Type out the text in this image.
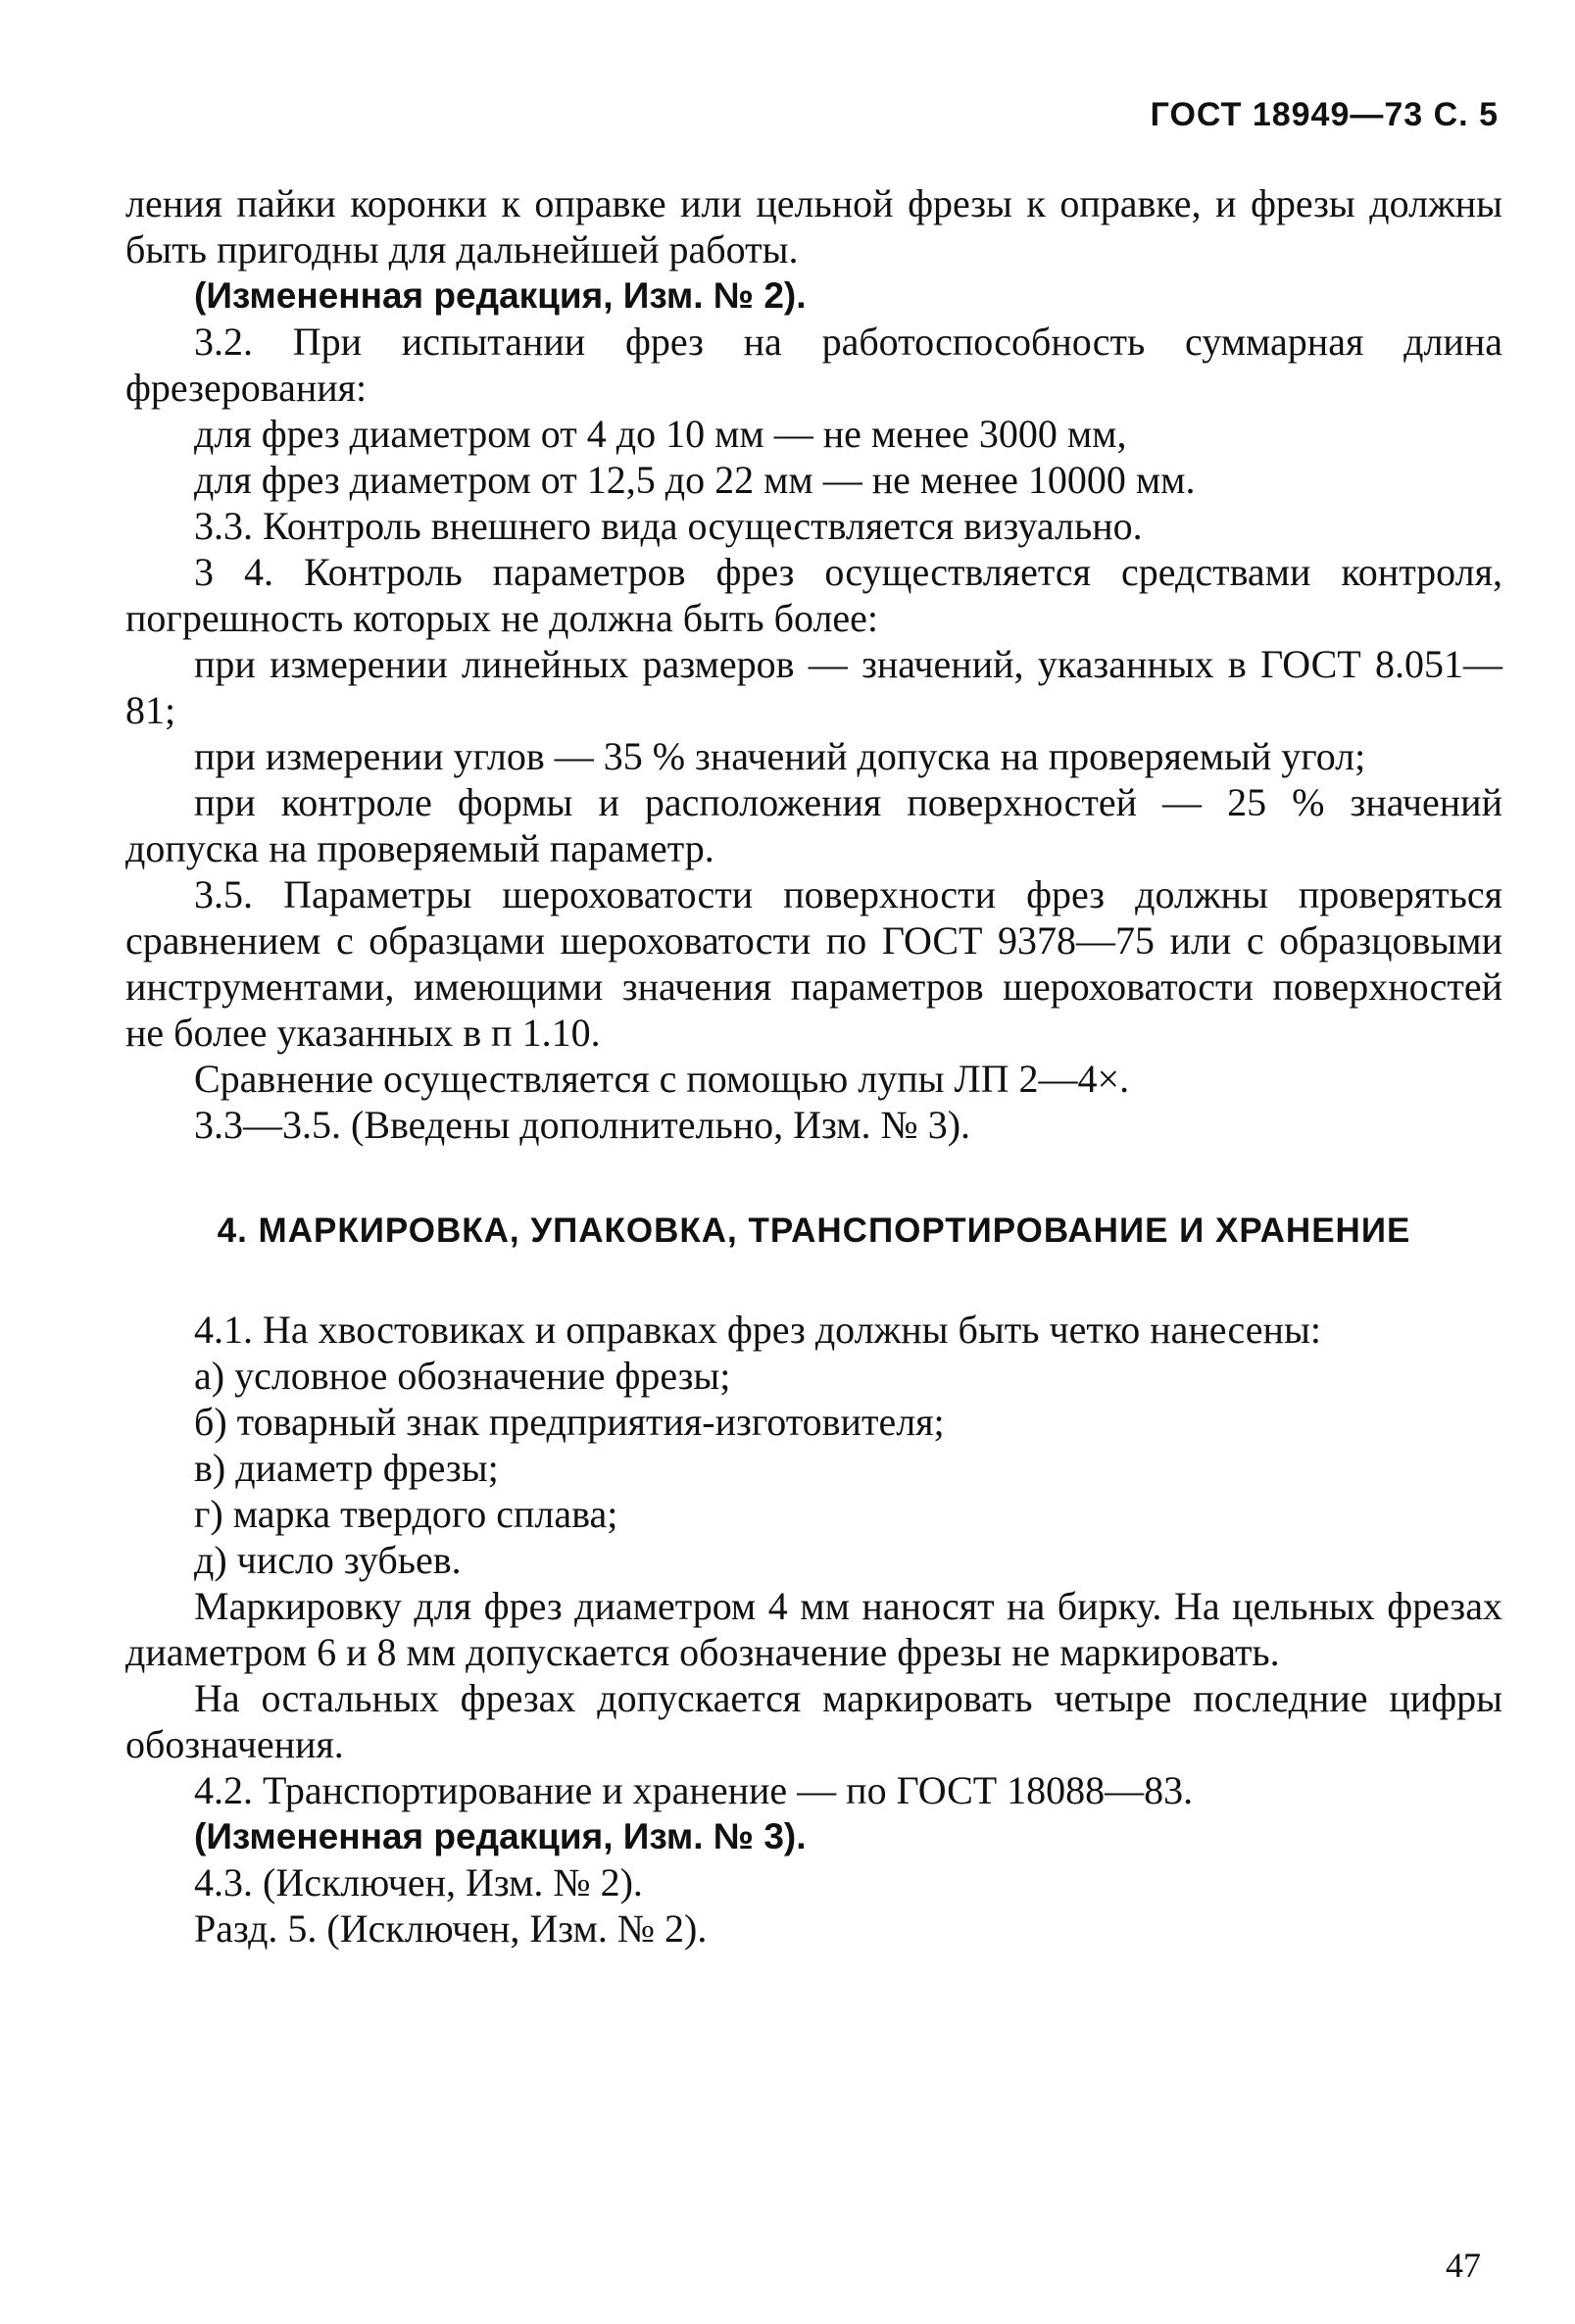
ГОСТ 18949—73 С. 5

ления пайки коронки к оправке или цельной фрезы к оправке, и фрезы должны быть пригодны для дальнейшей работы.

(Измененная редакция, Изм. № 2).

3.2. При испытании фрез на работоспособность суммарная длина фрезерования:

для фрез диаметром от 4 до 10 мм — не менее 3000 мм,

для фрез диаметром от 12,5 до 22 мм — не менее 10000 мм.

3.3. Контроль внешнего вида осуществляется визуально.

3 4. Контроль параметров фрез осуществляется средствами контроля, погрешность которых не должна быть более:

при измерении линейных размеров — значений, указанных в ГОСТ 8.051—81;

при измерении углов — 35 % значений допуска на проверяемый угол;

при контроле формы и расположения поверхностей — 25 % значений допуска на проверяемый параметр.

3.5. Параметры шероховатости поверхности фрез должны проверяться сравнением с образцами шероховатости по ГОСТ 9378—75 или с образцовыми инструментами, имеющими значения параметров шероховатости поверхностей не более указанных в п 1.10.

Сравнение осуществляется с помощью лупы ЛП 2—4×.

3.3—3.5. (Введены дополнительно, Изм. № 3).

4. МАРКИРОВКА, УПАКОВКА, ТРАНСПОРТИРОВАНИЕ И ХРАНЕНИЕ

4.1. На хвостовиках и оправках фрез должны быть четко нанесены:

а) условное обозначение фрезы;

б) товарный знак предприятия-изготовителя;

в) диаметр фрезы;

г) марка твердого сплава;

д) число зубьев.

Маркировку для фрез диаметром 4 мм наносят на бирку. На цельных фрезах диаметром 6 и 8 мм допускается обозначение фрезы не маркировать.

На остальных фрезах допускается маркировать четыре последние цифры обозначения.

4.2. Транспортирование и хранение — по ГОСТ 18088—83.

(Измененная редакция, Изм. № 3).

4.3. (Исключен, Изм. № 2).

Разд. 5. (Исключен, Изм. № 2).

47
